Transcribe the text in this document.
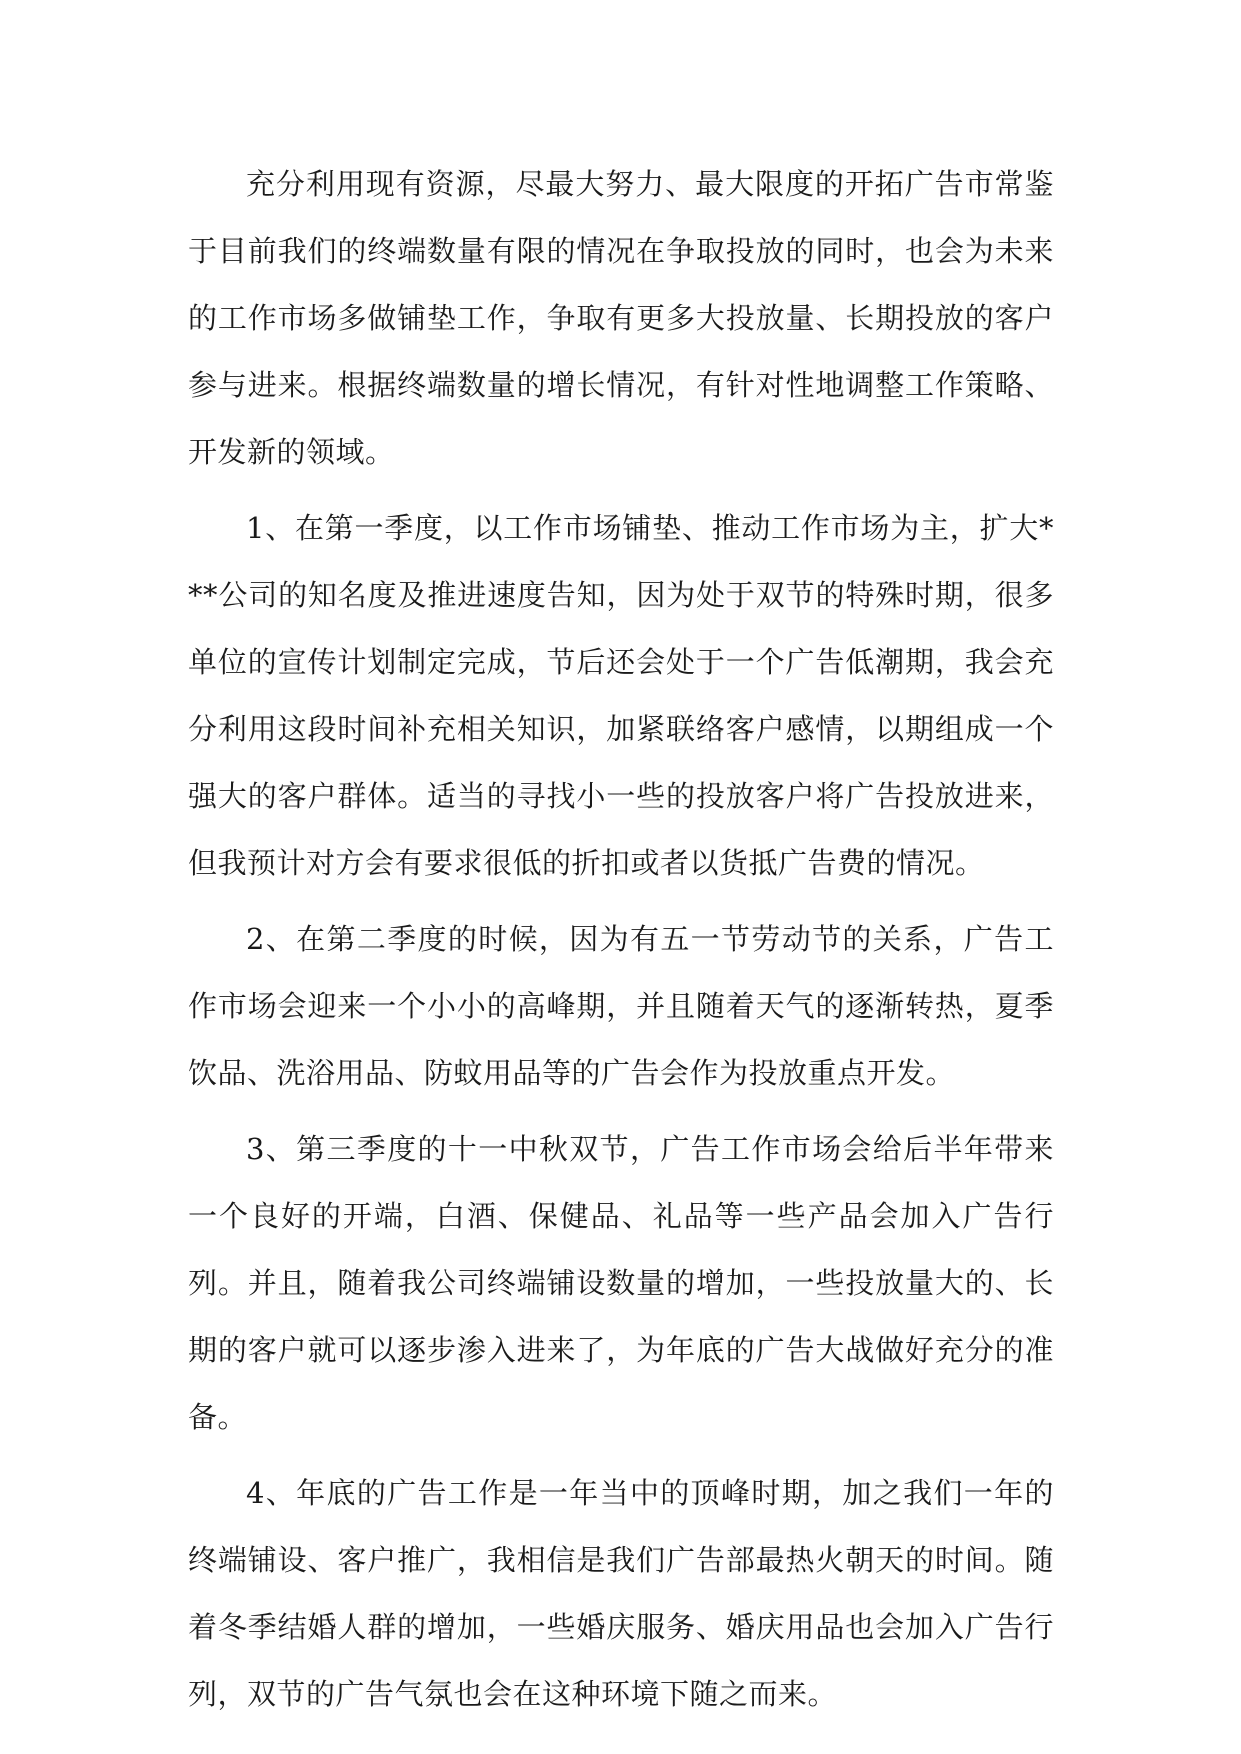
充分利用现有资源，尽最大努力、最大限度的开拓广告市常鉴于目前我们的终端数量有限的情况在争取投放的同时，也会为未来的工作市场多做铺垫工作，争取有更多大投放量、长期投放的客户参与进来。根据终端数量的增长情况，有针对性地调整工作策略、开发新的领域。

1、在第一季度，以工作市场铺垫、推动工作市场为主，扩大***公司的知名度及推进速度告知，因为处于双节的特殊时期，很多单位的宣传计划制定完成，节后还会处于一个广告低潮期，我会充分利用这段时间补充相关知识，加紧联络客户感情，以期组成一个强大的客户群体。适当的寻找小一些的投放客户将广告投放进来，但我预计对方会有要求很低的折扣或者以货抵广告费的情况。

2、在第二季度的时候，因为有五一节劳动节的关系，广告工作市场会迎来一个小小的高峰期，并且随着天气的逐渐转热，夏季饮品、洗浴用品、防蚊用品等的广告会作为投放重点开发。

3、第三季度的十一中秋双节，广告工作市场会给后半年带来一个良好的开端，白酒、保健品、礼品等一些产品会加入广告行列。并且，随着我公司终端铺设数量的增加，一些投放量大的、长期的客户就可以逐步渗入进来了，为年底的广告大战做好充分的准备。

4、年底的广告工作是一年当中的顶峰时期，加之我们一年的终端铺设、客户推广，我相信是我们广告部最热火朝天的时间。随着冬季结婚人群的增加，一些婚庆服务、婚庆用品也会加入广告行列，双节的广告气氛也会在这种环境下随之而来。
